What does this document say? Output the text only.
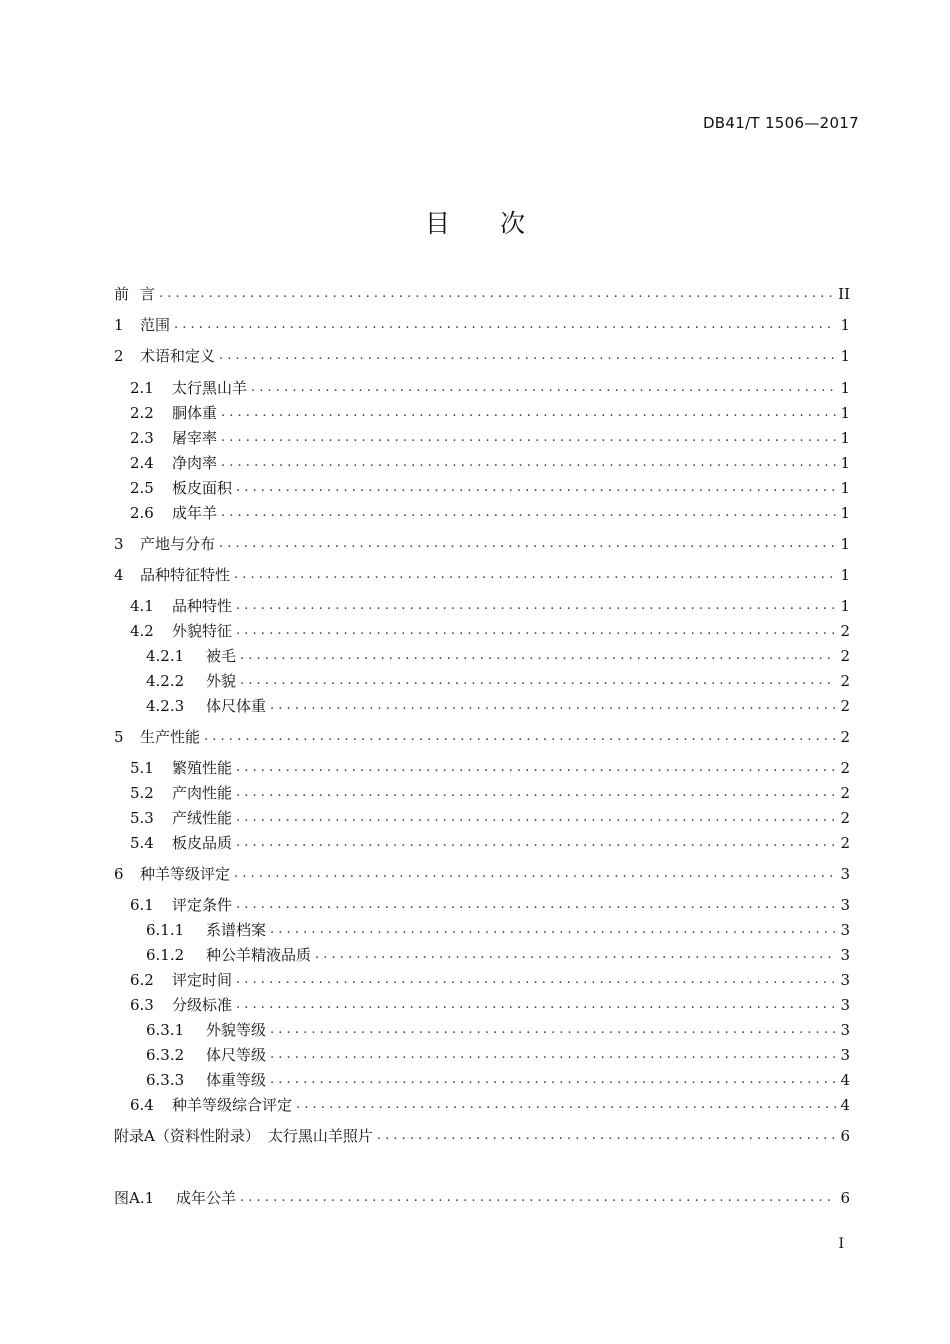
DB41/T 1506—2017
目 次
前 言 . . .	II
1	范围 . . .	1
2	术语和定义 . . .	1
2.1	太行黑山羊 . . .	1
2.2	胴体重 . . .	1
2.3	屠宰率 . . .	1
2.4	净肉率 . . .	1
2.5	板皮面积 . . .	1
2.6	成年羊 . . .	1
3	产地与分布 . . .	1
4	品种特征特性 . . .	1
4.1	品种特性 . . .	1
4.2	外貌特征 . . .	2
4.2.1	被毛 . . .	2
4.2.2	外貌 . . .	2
4.2.3	体尺体重 . . .	2
5	生产性能 . . .	2
5.1	繁殖性能 . . .	2
5.2	产肉性能 . . .	2
5.3	产绒性能 . . .	2
5.4	板皮品质 . . .	2
6	种羊等级评定 . . .	3
6.1	评定条件 . . .	3
6.1.1	系谱档案 . . .	3
6.1.2	种公羊精液品质 . . .	3
6.2	评定时间 . . .	3
6.3	分级标准 . . .	3
6.3.1	外貌等级 . . .	3
6.3.2	体尺等级 . . .	3
6.3.3	体重等级 . . .	4
6.4	种羊等级综合评定 . . .	4
附录A（资料性附录） 太行黑山羊照片 . . .	6
图A.1	成年公羊 . . .	6
I
